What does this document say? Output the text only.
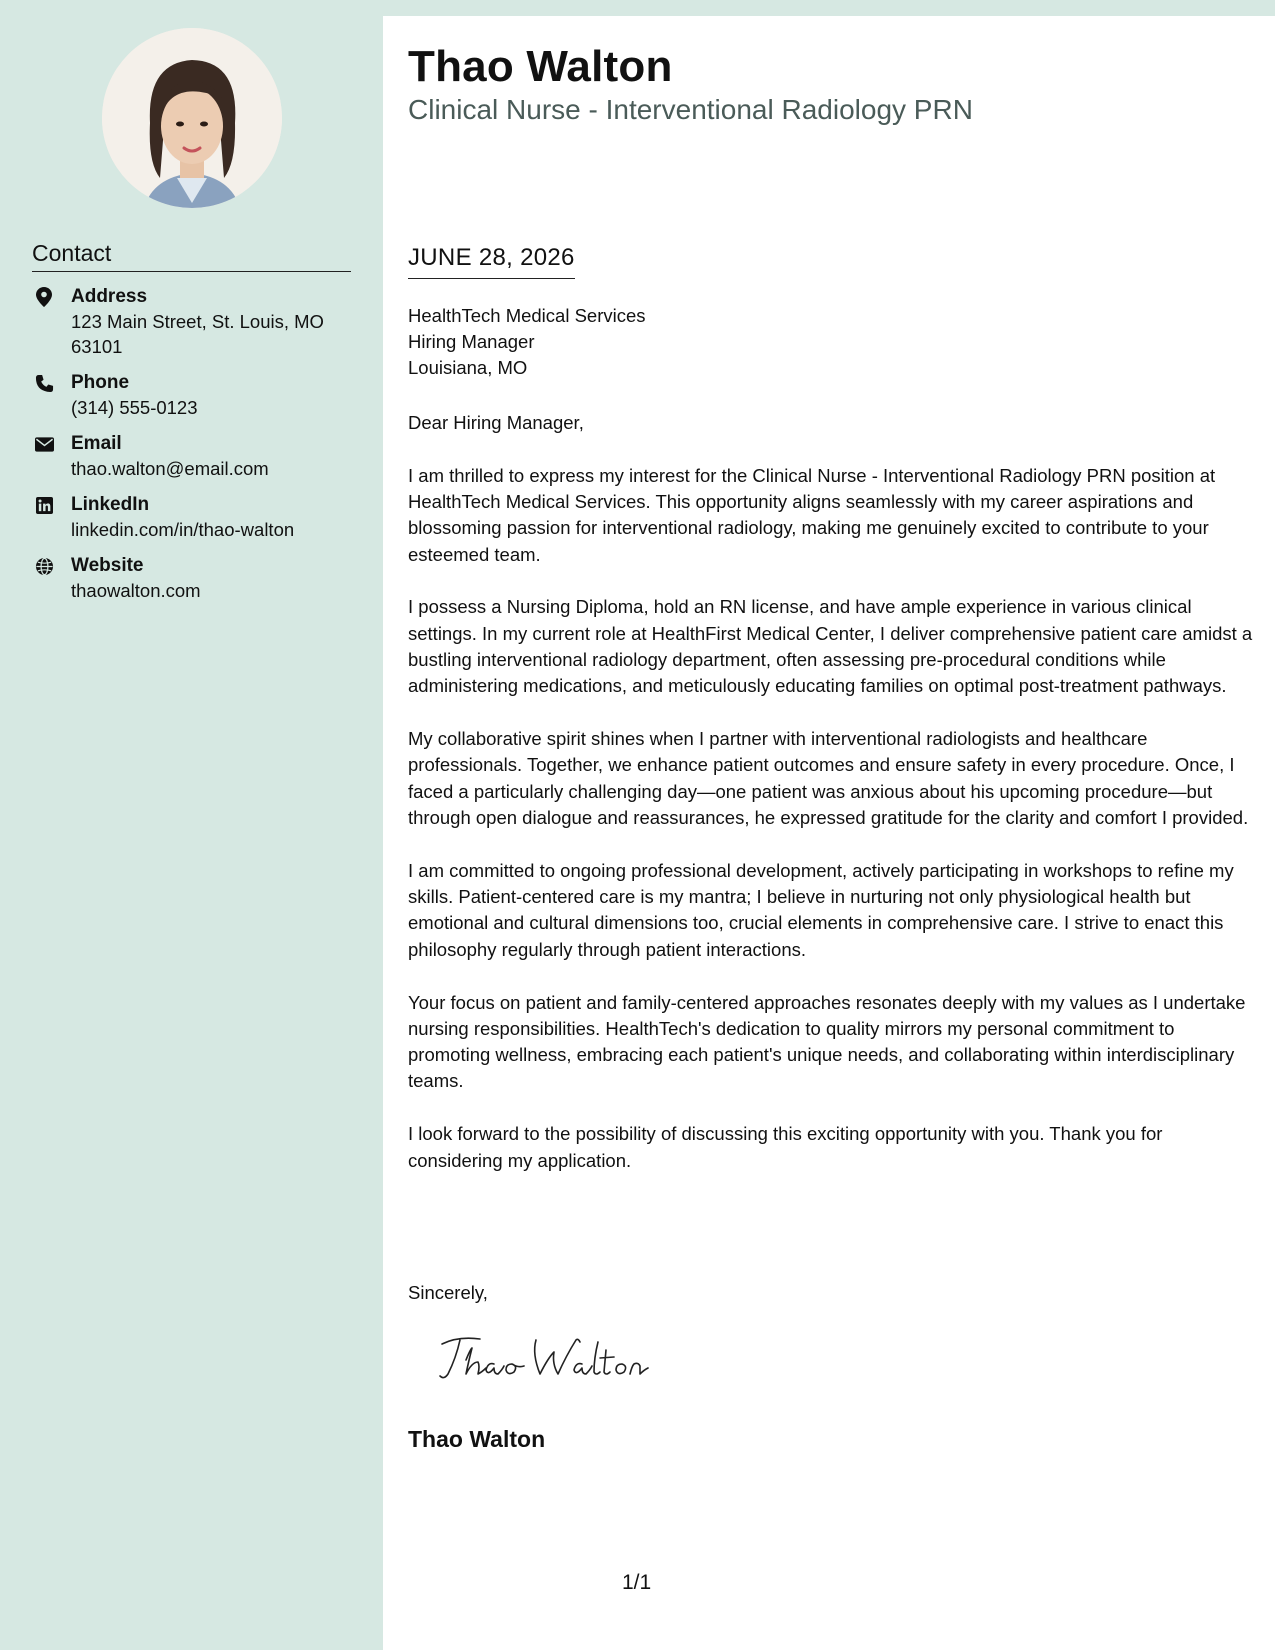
Contact
Address
123 Main Street, St. Louis, MO 63101
Phone
(314) 555-0123
Email
thao.walton@email.com
LinkedIn
linkedin.com/in/thao-walton
Website
thaowalton.com
Thao Walton
Clinical Nurse - Interventional Radiology PRN
JUNE 28, 2026
HealthTech Medical Services
Hiring Manager
Louisiana, MO
Dear Hiring Manager,

I am thrilled to express my interest for the Clinical Nurse - Interventional Radiology PRN position at HealthTech Medical Services. This opportunity aligns seamlessly with my career aspirations and blossoming passion for interventional radiology, making me genuinely excited to contribute to your esteemed team.

I possess a Nursing Diploma, hold an RN license, and have ample experience in various clinical settings. In my current role at HealthFirst Medical Center, I deliver comprehensive patient care amidst a bustling interventional radiology department, often assessing pre-procedural conditions while administering medications, and meticulously educating families on optimal post-treatment pathways.

My collaborative spirit shines when I partner with interventional radiologists and healthcare professionals. Together, we enhance patient outcomes and ensure safety in every procedure. Once, I faced a particularly challenging day—one patient was anxious about his upcoming procedure—but through open dialogue and reassurances, he expressed gratitude for the clarity and comfort I provided.

I am committed to ongoing professional development, actively participating in workshops to refine my skills. Patient-centered care is my mantra; I believe in nurturing not only physiological health but emotional and cultural dimensions too, crucial elements in comprehensive care. I strive to enact this philosophy regularly through patient interactions.

Your focus on patient and family-centered approaches resonates deeply with my values as I undertake nursing responsibilities. HealthTech's dedication to quality mirrors my personal commitment to promoting wellness, embracing each patient's unique needs, and collaborating within interdisciplinary teams.

I look forward to the possibility of discussing this exciting opportunity with you. Thank you for considering my application.

Sincerely,
Thao Walton
1/1
